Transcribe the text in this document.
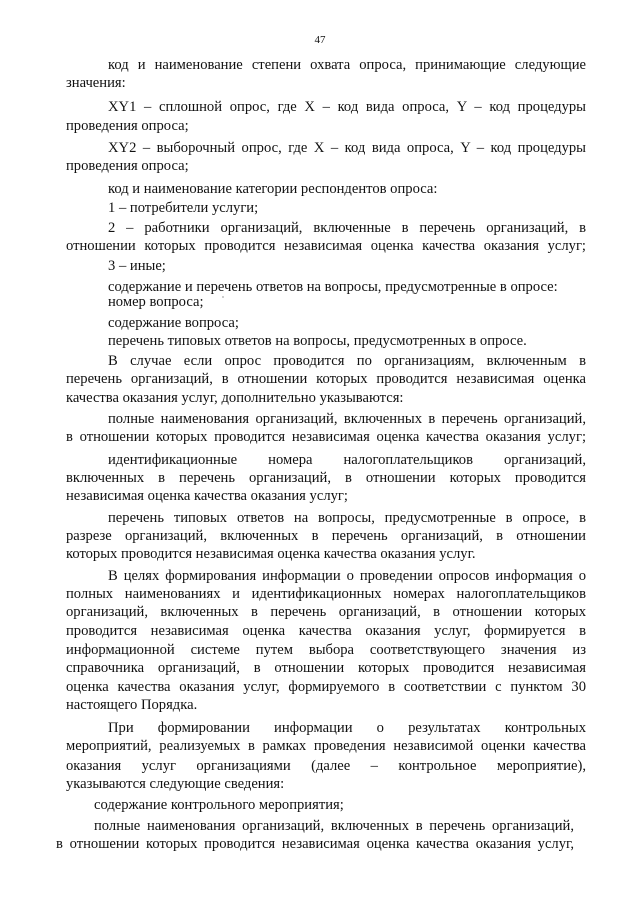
47
код и наименование степени охвата опроса, принимающие следующие
значения:
XY1 – сплошной опрос, где X – код вида опроса, Y – код процедуры
проведения опроса;
XY2 – выборочный опрос, где X – код вида опроса, Y – код процедуры
проведения опроса;
код и наименование категории респондентов опроса:
1 – потребители услуги;
2 – работники организаций, включенные в перечень организаций, в
отношении которых проводится независимая оценка качества оказания услуг;
3 – иные;
содержание и перечень ответов на вопросы, предусмотренные в опросе:
номер вопроса;
содержание вопроса;
перечень типовых ответов на вопросы, предусмотренных в опросе.
В случае если опрос проводится по организациям, включенным в
перечень организаций, в отношении которых проводится независимая оценка
качества оказания услуг, дополнительно указываются:
полные наименования организаций, включенных в перечень организаций,
в отношении которых проводится независимая оценка качества оказания услуг;
идентификационные номера налогоплательщиков организаций,
включенных в перечень организаций, в отношении которых проводится
независимая оценка качества оказания услуг;
перечень типовых ответов на вопросы, предусмотренные в опросе, в
разрезе организаций, включенных в перечень организаций, в отношении
которых проводится независимая оценка качества оказания услуг.
В целях формирования информации о проведении опросов информация о
полных наименованиях и идентификационных номерах налогоплательщиков
организаций, включенных в перечень организаций, в отношении которых
проводится независимая оценка качества оказания услуг, формируется в
информационной системе путем выбора соответствующего значения из
справочника организаций, в отношении которых проводится независимая
оценка качества оказания услуг, формируемого в соответствии с пунктом 30
настоящего Порядка.
При формировании информации о результатах контрольных
мероприятий, реализуемых в рамках проведения независимой оценки качества
оказания услуг организациями (далее – контрольное мероприятие),
указываются следующие сведения:
содержание контрольного мероприятия;
полные наименования организаций, включенных в перечень организаций,
в отношении которых проводится независимая оценка качества оказания услуг,
